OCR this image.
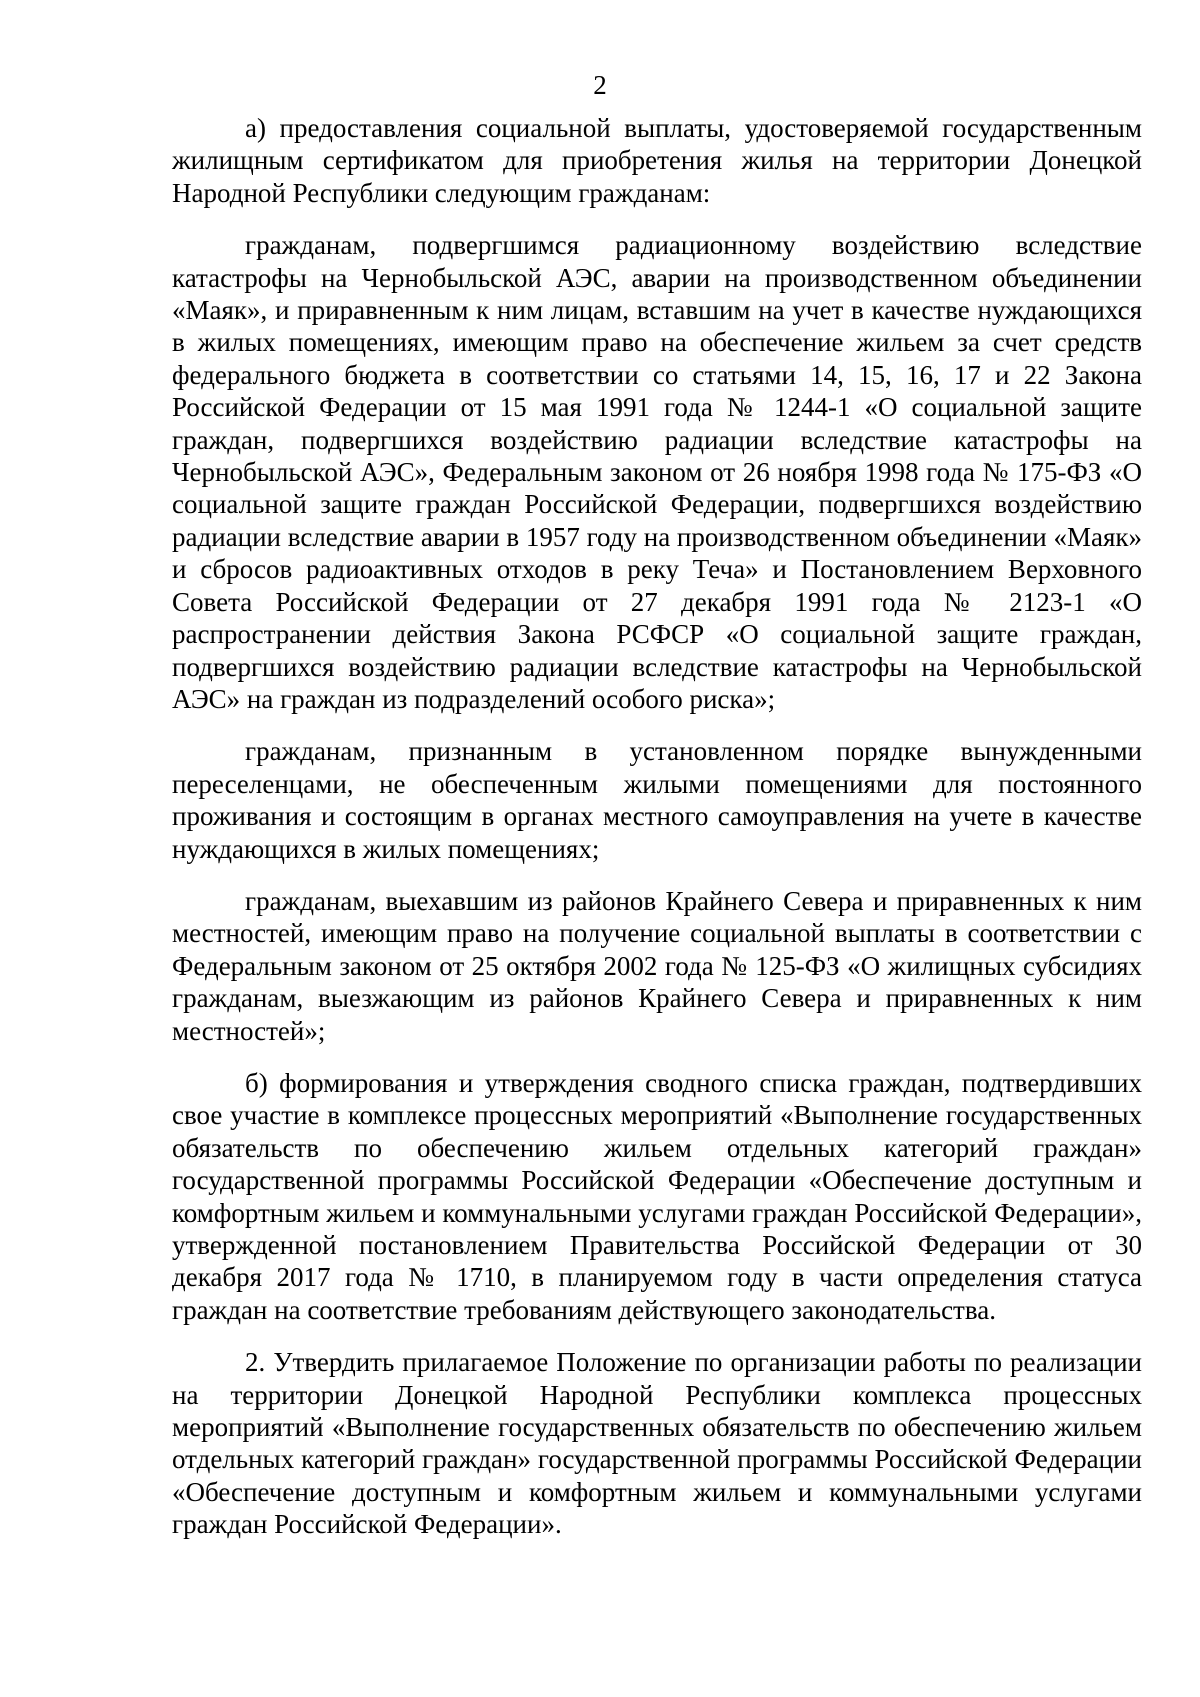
2

а) предоставления социальной выплаты, удостоверяемой государственным жилищным сертификатом для приобретения жилья на территории Донецкой Народной Республики следующим гражданам:

гражданам, подвергшимся радиационному воздействию вследствие катастрофы на Чернобыльской АЭС, аварии на производственном объединении «Маяк», и приравненным к ним лицам, вставшим на учет в качестве нуждающихся в жилых помещениях, имеющим право на обеспечение жильем за счет средств федерального бюджета в соответствии со статьями 14, 15, 16, 17 и 22 Закона Российской Федерации от 15 мая 1991 года № 1244-1 «О социальной защите граждан, подвергшихся воздействию радиации вследствие катастрофы на Чернобыльской АЭС», Федеральным законом от 26 ноября 1998 года № 175-ФЗ «О социальной защите граждан Российской Федерации, подвергшихся воздействию радиации вследствие аварии в 1957 году на производственном объединении «Маяк» и сбросов радиоактивных отходов в реку Теча» и Постановлением Верховного Совета Российской Федерации от 27 декабря 1991 года № 2123-1 «О распространении действия Закона РСФСР «О социальной защите граждан, подвергшихся воздействию радиации вследствие катастрофы на Чернобыльской АЭС» на граждан из подразделений особого риска»;

гражданам, признанным в установленном порядке вынужденными переселенцами, не обеспеченным жилыми помещениями для постоянного проживания и состоящим в органах местного самоуправления на учете в качестве нуждающихся в жилых помещениях;

гражданам, выехавшим из районов Крайнего Севера и приравненных к ним местностей, имеющим право на получение социальной выплаты в соответствии с Федеральным законом от 25 октября 2002 года № 125-ФЗ «О жилищных субсидиях гражданам, выезжающим из районов Крайнего Севера и приравненных к ним местностей»;

б) формирования и утверждения сводного списка граждан, подтвердивших свое участие в комплексе процессных мероприятий «Выполнение государственных обязательств по обеспечению жильем отдельных категорий граждан» государственной программы Российской Федерации «Обеспечение доступным и комфортным жильем и коммунальными услугами граждан Российской Федерации», утвержденной постановлением Правительства Российской Федерации от 30 декабря 2017 года № 1710, в планируемом году в части определения статуса граждан на соответствие требованиям действующего законодательства.

2. Утвердить прилагаемое Положение по организации работы по реализации на территории Донецкой Народной Республики комплекса процессных мероприятий «Выполнение государственных обязательств по обеспечению жильем отдельных категорий граждан» государственной программы Российской Федерации «Обеспечение доступным и комфортным жильем и коммунальными услугами граждан Российской Федерации».
